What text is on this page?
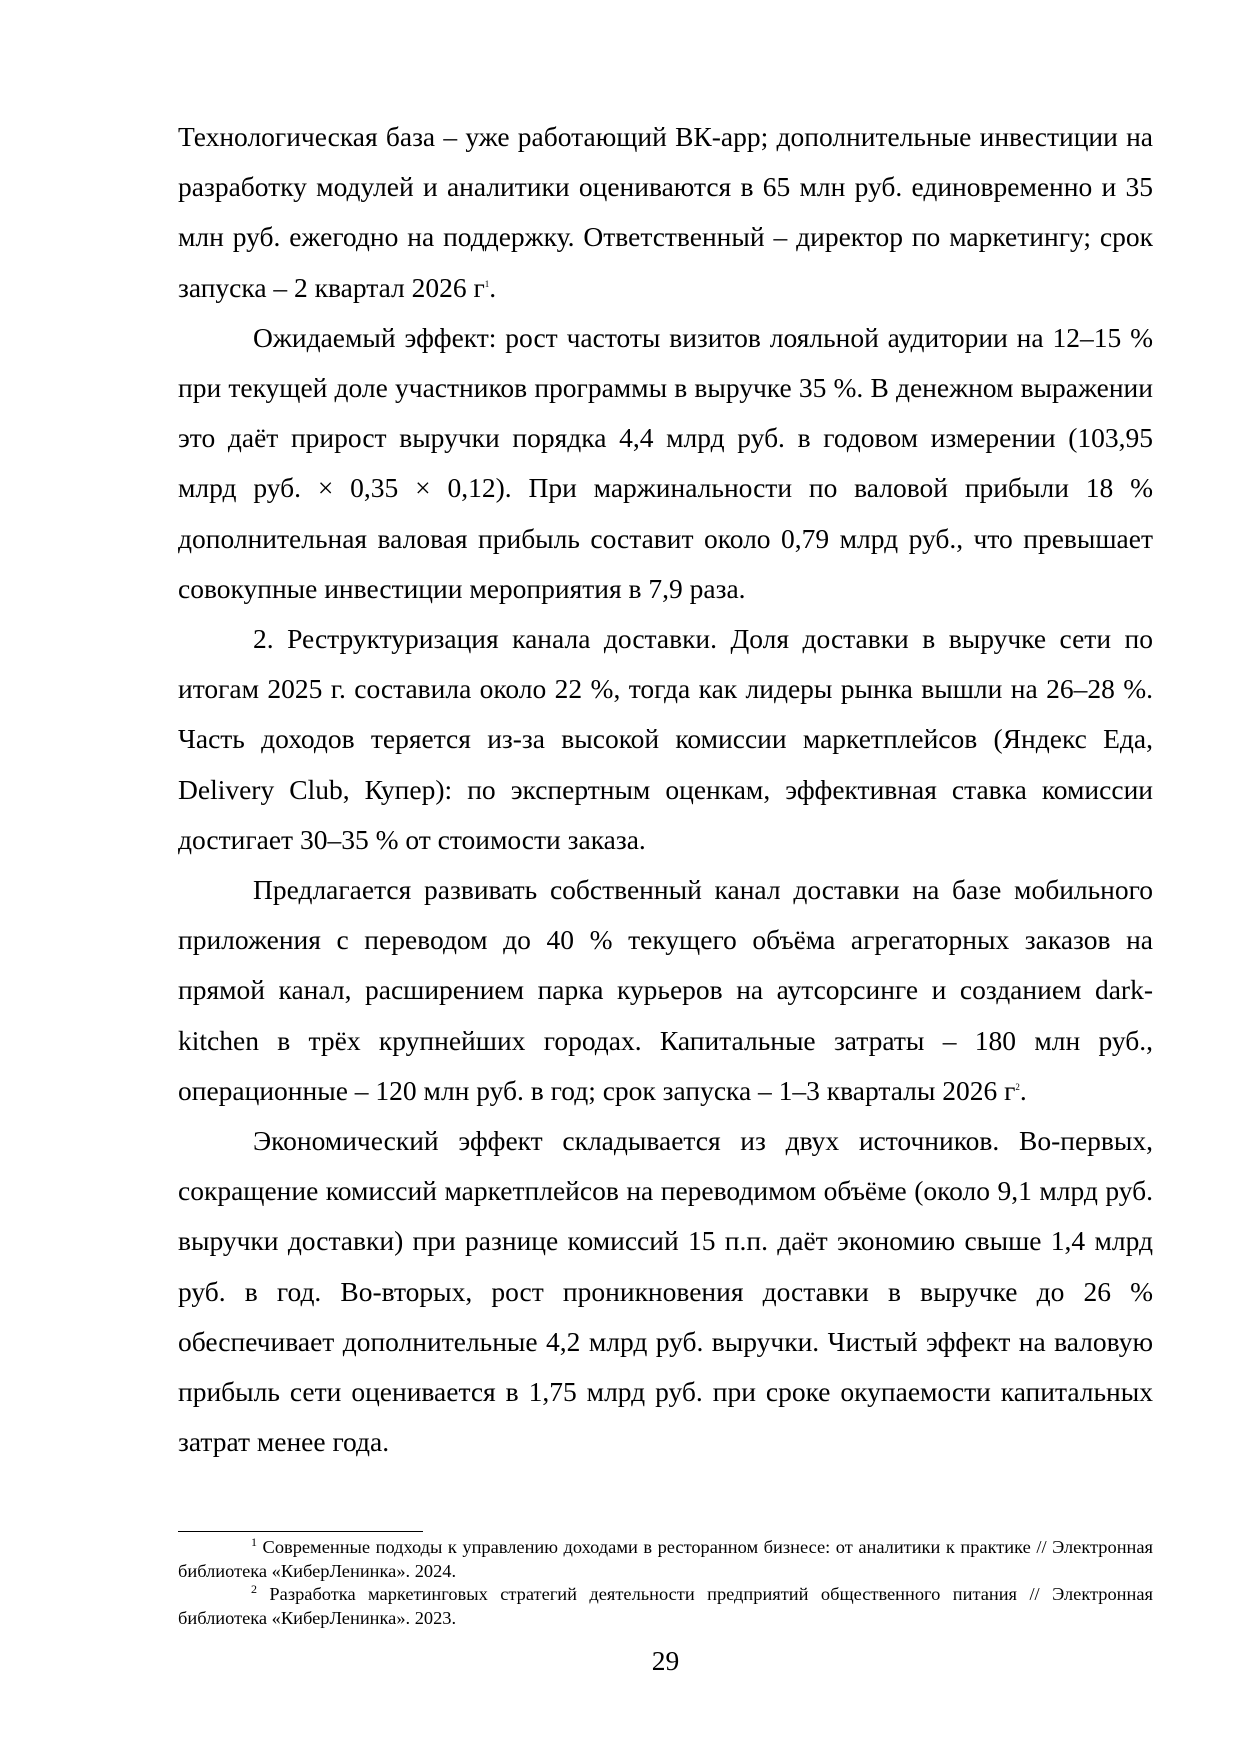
Технологическая база – уже работающий ВК-app; дополнительные инвестиции на разработку модулей и аналитики оцениваются в 65 млн руб. единовременно и 35 млн руб. ежегодно на поддержку. Ответственный – директор по маркетингу; срок запуска – 2 квартал 2026 $г^1$.

Ожидаемый эффект: рост частоты визитов лояльной аудитории на 12–15 % при текущей доле участников программы в выручке 35 %. В денежном выражении это даёт прирост выручки порядка 4,4 млрд руб. в годовом измерении (103,95 млрд руб. × 0,35 × 0,12). При маржинальности по валовой прибыли 18 % дополнительная валовая прибыль составит около 0,79 млрд руб., что превышает совокупные инвестиции мероприятия в 7,9 раза.

2. Реструктуризация канала доставки. Доля доставки в выручке сети по итогам 2025 г. составила около 22 %, тогда как лидеры рынка вышли на 26–28 %. Часть доходов теряется из-за высокой комиссии маркетплейсов (Яндекс Еда, Delivery Club, Купер): по экспертным оценкам, эффективная ставка комиссии достигает 30–35 % от стоимости заказа.

Предлагается развивать собственный канал доставки на базе мобильного приложения с переводом до 40 % текущего объёма агрегаторных заказов на прямой канал, расширением парка курьеров на аутсорсинге и созданием dark-kitchen в трёх крупнейших городах. Капитальные затраты – 180 млн руб., операционные – 120 млн руб. в год; срок запуска – 1–3 кварталы 2026 $г^2$.

Экономический эффект складывается из двух источников. Во-первых, сокращение комиссий маркетплейсов на переводимом объёме (около 9,1 млрд руб. выручки доставки) при разнице комиссий 15 п.п. даёт экономию свыше 1,4 млрд руб. в год. Во-вторых, рост проникновения доставки в выручке до 26 % обеспечивает дополнительные 4,2 млрд руб. выручки. Чистый эффект на валовую прибыль сети оценивается в 1,75 млрд руб. при сроке окупаемости капитальных затрат менее года.

$^1$ Современные подходы к управлению доходами в ресторанном бизнесе: от аналитики к практике // Электронная библиотека «КиберЛенинка». 2024.

$^2$ Разработка маркетинговых стратегий деятельности предприятий общественного питания // Электронная библиотека «КиберЛенинка». 2023.

29
